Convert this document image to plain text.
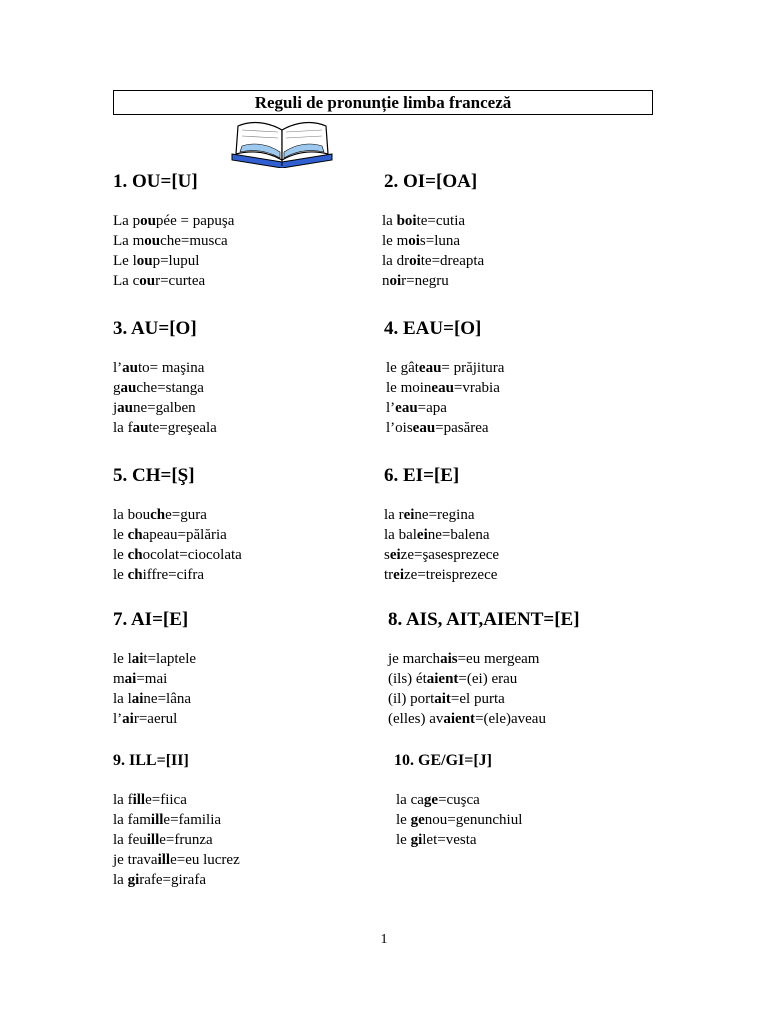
Reguli de pronunție limba franceză
1. OU=[U]
La poupée = papuşa
La mouche=musca
Le loup=lupul
La cour=curtea
2. OI=[OA]
la boite=cutia
le mois=luna
la droite=dreapta
noir=negru
3. AU=[O]
l’auto= maşina
gauche=stanga
jaune=galben
la faute=greşeala
4. EAU=[O]
le gâteau= prăjitura
le moineau=vrabia
l’eau=apa
l’oiseau=pasărea
5. CH=[Ş]
la bouche=gura
le chapeau=pălăria
le chocolat=ciocolata
le chiffre=cifra
6. EI=[E]
la reine=regina
la baleine=balena
seize=şasesprezece
treize=treisprezece
7. AI=[E]
le lait=laptele
mai=mai
la laine=lâna
l’air=aerul
8. AIS, AIT,AIENT=[E]
je marchais=eu mergeam
(ils) étaient=(ei) erau
(il) portait=el purta
(elles) avaient=(ele)aveau
9. ILL=[II]
la fille=fiica
la famille=familia
la feuille=frunza
je travaille=eu lucrez
la girafe=girafa
10. GE/GI=[J]
la cage=cuşca
le genou=genunchiul
le gilet=vesta
1
